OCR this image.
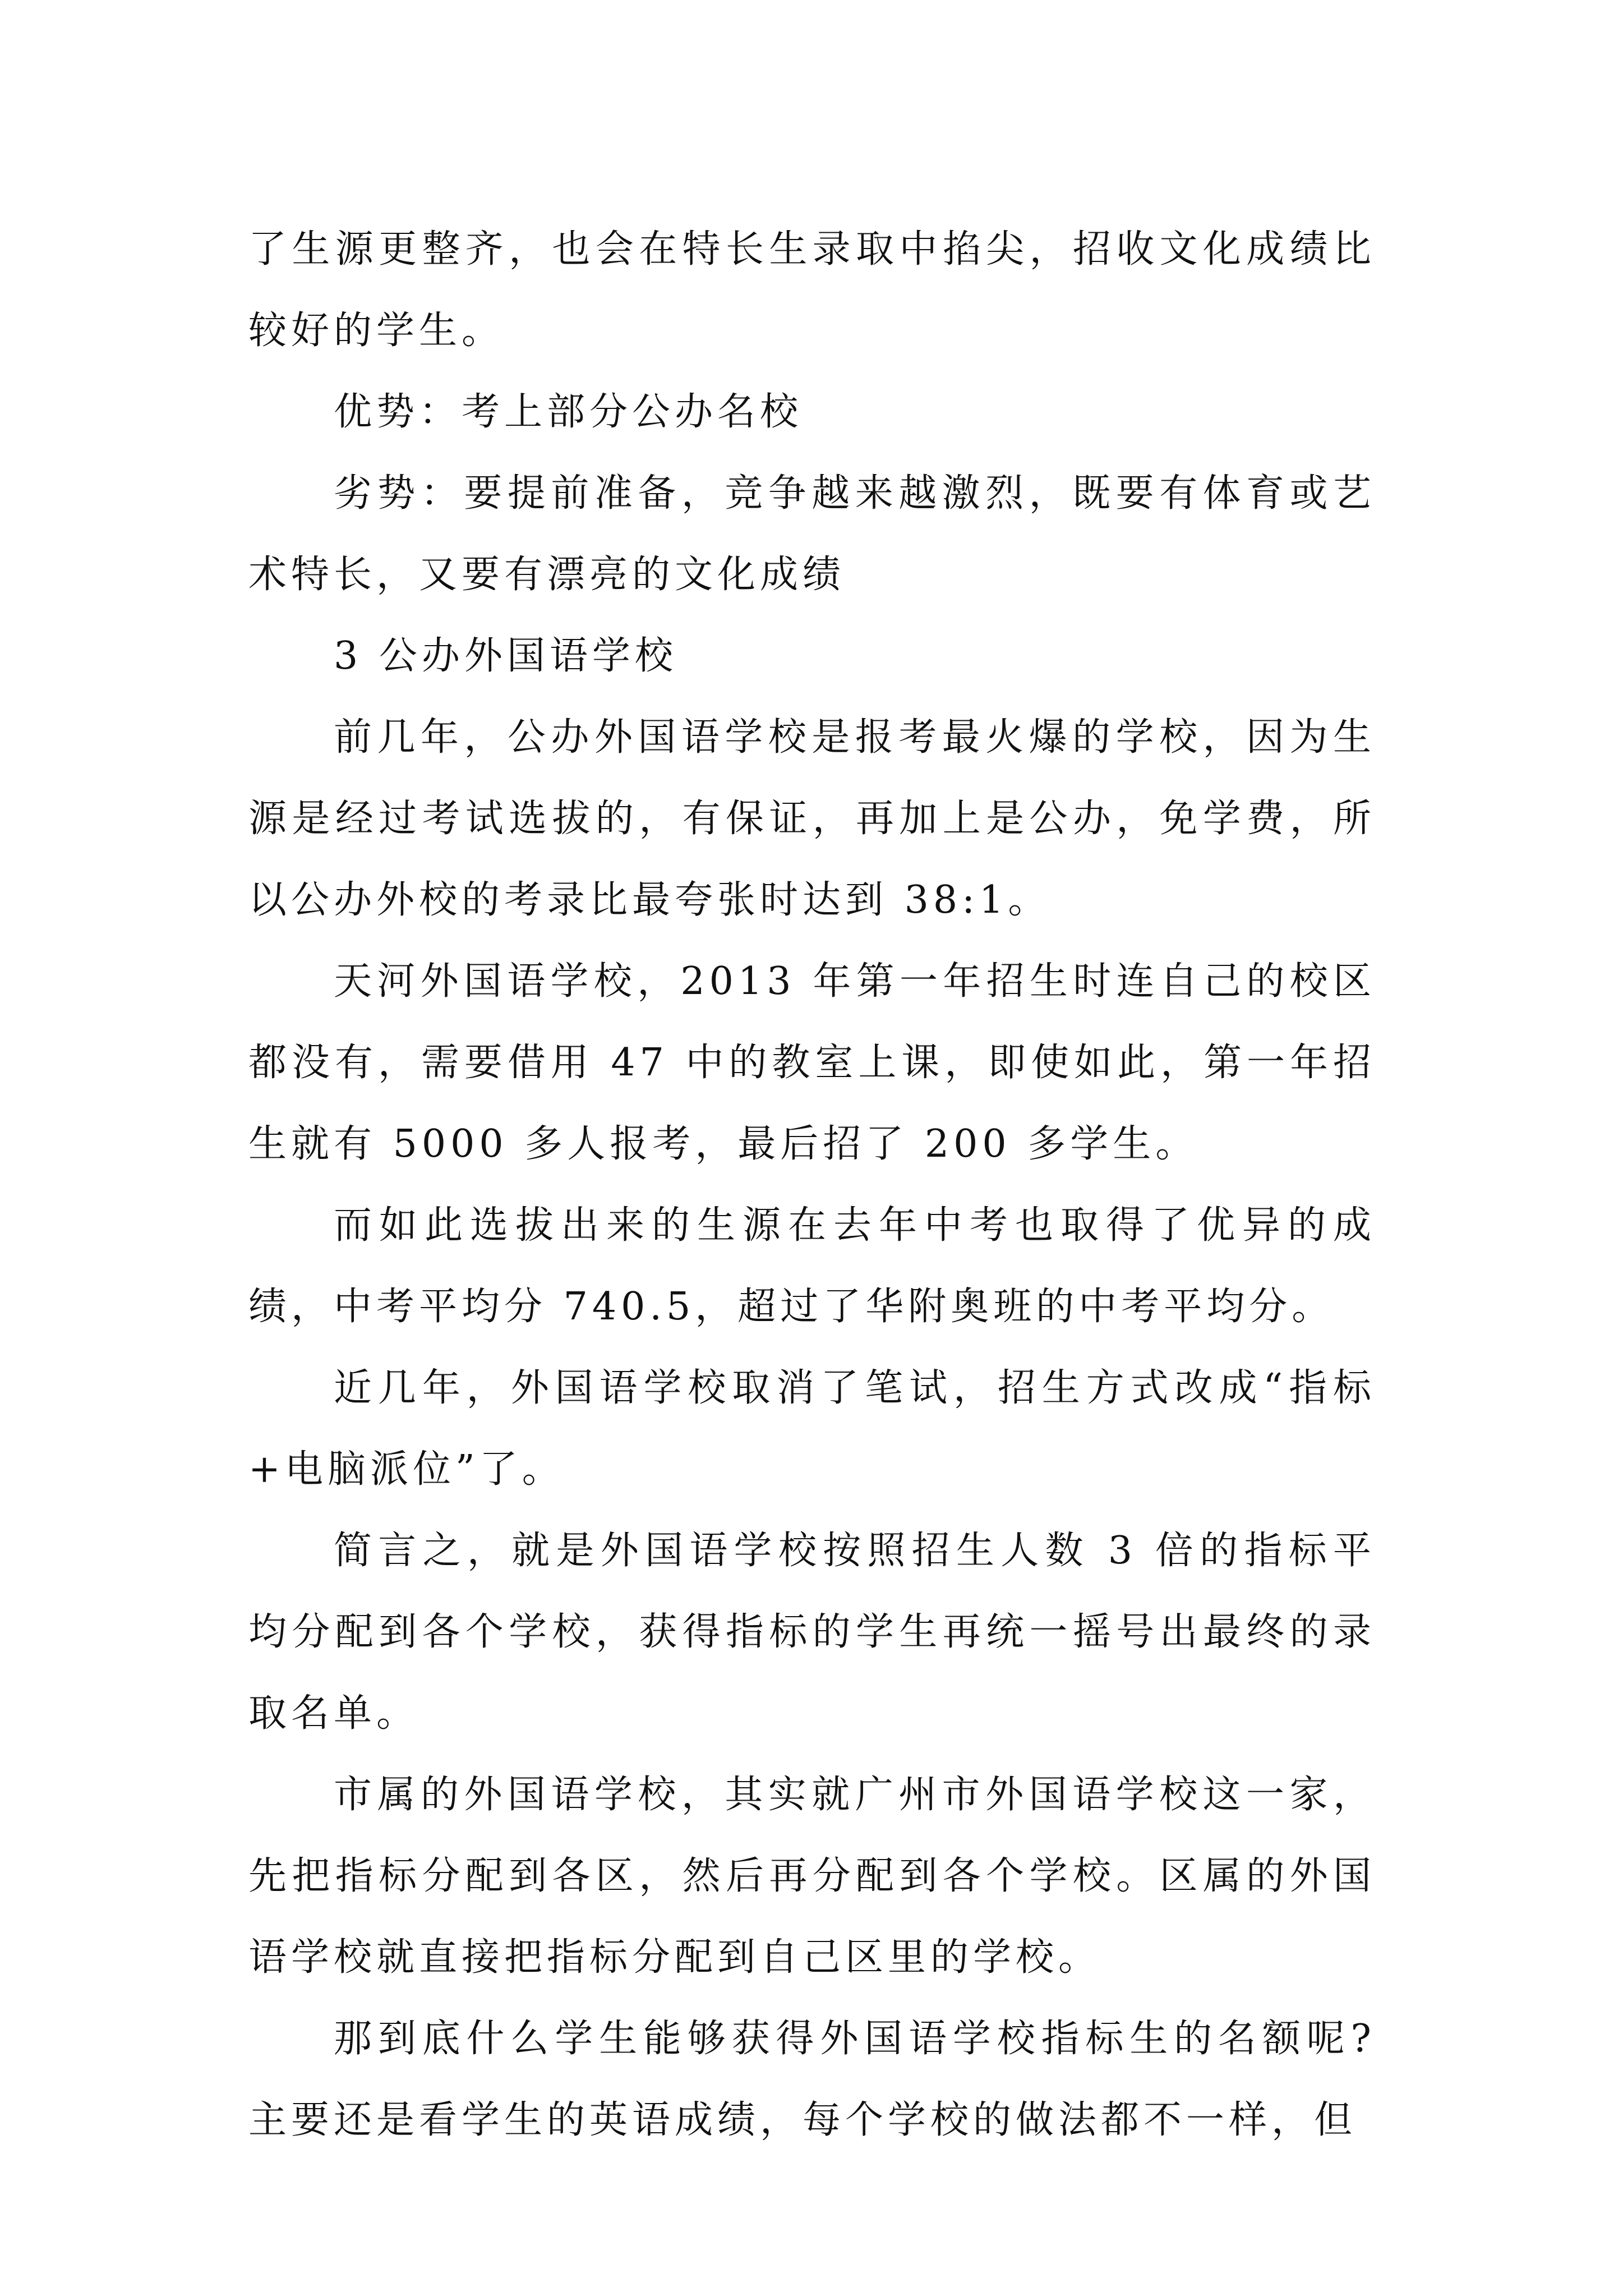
了生源更整齐，也会在特长生录取中掐尖，招收文化成绩比较好的学生。

优势：考上部分公办名校

劣势：要提前准备，竞争越来越激烈，既要有体育或艺术特长，又要有漂亮的文化成绩

3 公办外国语学校

前几年，公办外国语学校是报考最火爆的学校，因为生源是经过考试选拔的，有保证，再加上是公办，免学费，所以公办外校的考录比最夸张时达到 38:1。

天河外国语学校，2013 年第一年招生时连自己的校区都没有，需要借用 47 中的教室上课，即使如此，第一年招生就有 5000 多人报考，最后招了 200 多学生。

而如此选拔出来的生源在去年中考也取得了优异的成绩，中考平均分 740.5，超过了华附奥班的中考平均分。

近几年，外国语学校取消了笔试，招生方式改成“指标+电脑派位”了。

简言之，就是外国语学校按照招生人数 3 倍的指标平均分配到各个学校，获得指标的学生再统一摇号出最终的录取名单。

市属的外国语学校，其实就广州市外国语学校这一家，先把指标分配到各区，然后再分配到各个学校。区属的外国语学校就直接把指标分配到自己区里的学校。

那到底什么学生能够获得外国语学校指标生的名额呢?主要还是看学生的英语成绩，每个学校的做法都不一样，但
